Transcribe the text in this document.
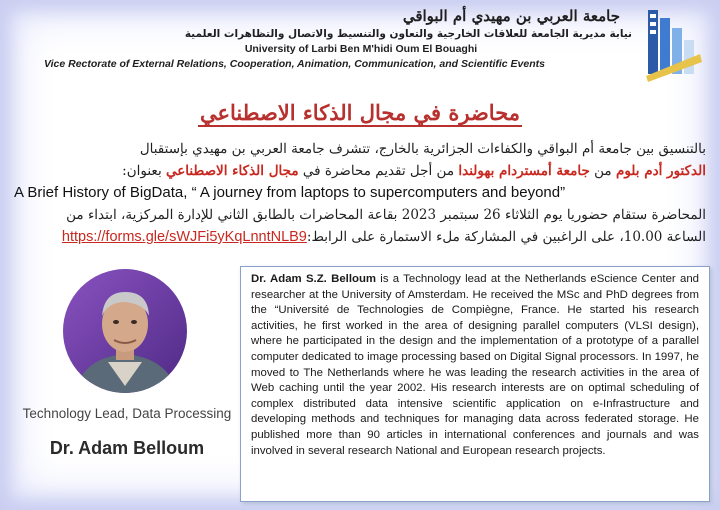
جامعة العربي بن مهيدي أم البواقي
نيابة مديرية الجامعة للعلاقات الخارجية والتعاون والتنسيط والاتصال والتظاهرات العلمية
University of Larbi Ben M'hidi Oum El Bouaghi
Vice Rectorate of External Relations, Cooperation, Animation, Communication, and Scientific Events
محاضرة في مجال الذكاء الاصطناعي
بالتنسيق بين جامعة أم البواقي والكفاءات الجزائرية بالخارج، تتشرف جامعة العربي بن مهيدي بإستقبال
الدكتور أدم بلوم من جامعة أمستردام بهولندا من أجل تقديم محاضرة في مجال الذكاء الاصطناعي بعنوان:
A Brief History of BigData, “ A journey from laptops to supercomputers and beyond”
المحاضرة ستقام حضوريا يوم الثلاثاء 26 سبتمبر 2023 بقاعة المحاضرات بالطابق الثاني للإدارة المركزية، ابتداء من
الساعة 10.00، على الراغبين في المشاركة ملء الاستمارة على الرابط:https://forms.gle/sWJFi5yKqLnntNLB9
Technology Lead, Data Processing
Dr. Adam Belloum
Dr. Adam S.Z. Belloum is a Technology lead at the Netherlands eScience Center and researcher at the University of Amsterdam. He received the MSc and PhD degrees from the “Université de Technologies de Compiègne, France. He started his research activities, he first worked in the area of designing parallel computers (VLSI design), where he participated in the design and the implementation of a prototype of a parallel computer dedicated to image processing based on Digital Signal processors. In 1997, he moved to The Netherlands where he was leading the research activities in the area of Web caching until the year 2002. His research interests are on optimal scheduling of complex distributed data intensive scientific application on e-Infrastructure and developing methods and techniques for managing data across federated storage. He published more than 90 articles in international conferences and journals and was involved in several research National and European research projects.
